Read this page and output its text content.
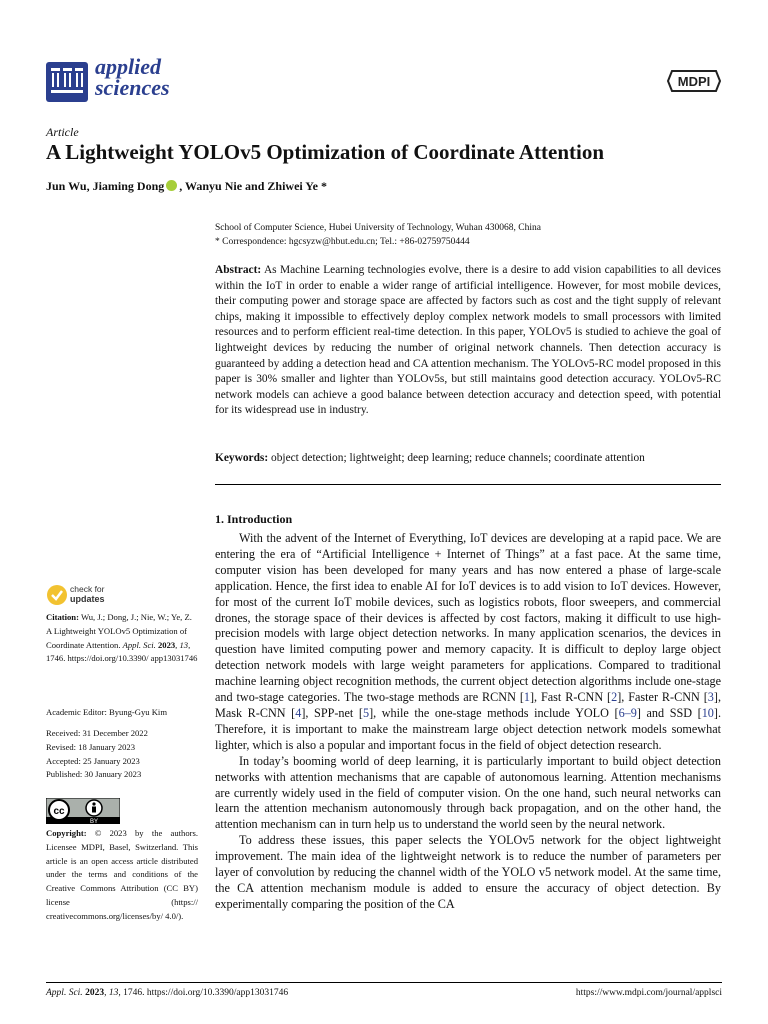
applied
sciences	MDPI
Article
A Lightweight YOLOv5 Optimization of Coordinate Attention
Jun Wu, Jiaming Dong , Wanyu Nie and Zhiwei Ye *
School of Computer Science, Hubei University of Technology, Wuhan 430068, China
* Correspondence: hgcsyzw@hbut.edu.cn; Tel.: +86-02759750444
Abstract: As Machine Learning technologies evolve, there is a desire to add vision capabilities to all devices within the IoT in order to enable a wider range of artificial intelligence. However, for most mobile devices, their computing power and storage space are affected by factors such as cost and the tight supply of relevant chips, making it impossible to effectively deploy complex network models to small processors with limited resources and to perform efficient real-time detection. In this paper, YOLOv5 is studied to achieve the goal of lightweight devices by reducing the number of original network channels. Then detection accuracy is guaranteed by adding a detection head and CA attention mechanism. The YOLOv5-RC model proposed in this paper is 30% smaller and lighter than YOLOv5s, but still maintains good detection accuracy. YOLOv5-RC network models can achieve a good balance between detection accuracy and detection speed, with potential for its widespread use in industry.
Keywords: object detection; lightweight; deep learning; reduce channels; coordinate attention
1. Introduction

With the advent of the Internet of Everything, IoT devices are developing at a rapid pace. We are entering the era of “Artificial Intelligence + Internet of Things” at a fast pace. At the same time, computer vision has been developed for many years and has now entered a phase of large-scale application. Hence, the first idea to enable AI for IoT devices is to add vision to IoT devices. However, for most of the current IoT mobile devices, such as logistics robots, floor sweepers, and commercial drones, the storage space of their devices is affected by cost factors, making it difficult to use high-precision models with large object detection networks. In many application scenarios, the devices in question have limited computing power and memory capacity. It is difficult to deploy large object detection network models with large weight parameters for applications. Compared to traditional machine learning object recognition methods, the current object detection algorithms include one-stage and two-stage categories. The two-stage methods are RCNN [1], Fast R-CNN [2], Faster R-CNN [3], Mask R-CNN [4], SPP-net [5], while the one-stage methods include YOLO [6–9] and SSD [10]. Therefore, it is important to make the mainstream large object detection network models somewhat lighter, which is also a popular and important focus in the field of object detection research.

In today’s booming world of deep learning, it is particularly important to build object detection networks with attention mechanisms that are capable of autonomous learning. Attention mechanisms are currently widely used in the field of computer vision. On the one hand, such neural networks can learn the attention mechanism autonomously through back propagation, and on the other hand, the attention mechanism can in turn help us to understand the world seen by the neural network.

To address these issues, this paper selects the YOLOv5 network for the object lightweight improvement. The main idea of the lightweight network is to reduce the number of parameters per layer of convolution by reducing the channel width of the YOLO v5 network model. At the same time, the CA attention mechanism module is added to ensure the accuracy of object detection. By experimentally comparing the position of the CA

check for
updates
Citation: Wu, J.; Dong, J.; Nie, W.; Ye, Z. A Lightweight YOLOv5 Optimization of Coordinate Attention. Appl. Sci. 2023, 13, 1746. https://doi.org/10.3390/ app13031746
Academic Editor: Byung-Gyu Kim
Received: 31 December 2022
Revised: 18 January 2023
Accepted: 25 January 2023
Published: 30 January 2023
cc
BY
Copyright: © 2023 by the authors. Licensee MDPI, Basel, Switzerland. This article is an open access article distributed under the terms and conditions of the Creative Commons Attribution (CC BY) license (https:// creativecommons.org/licenses/by/ 4.0/).
Appl. Sci. 2023, 13, 1746. https://doi.org/10.3390/app13031746	https://www.mdpi.com/journal/applsci
